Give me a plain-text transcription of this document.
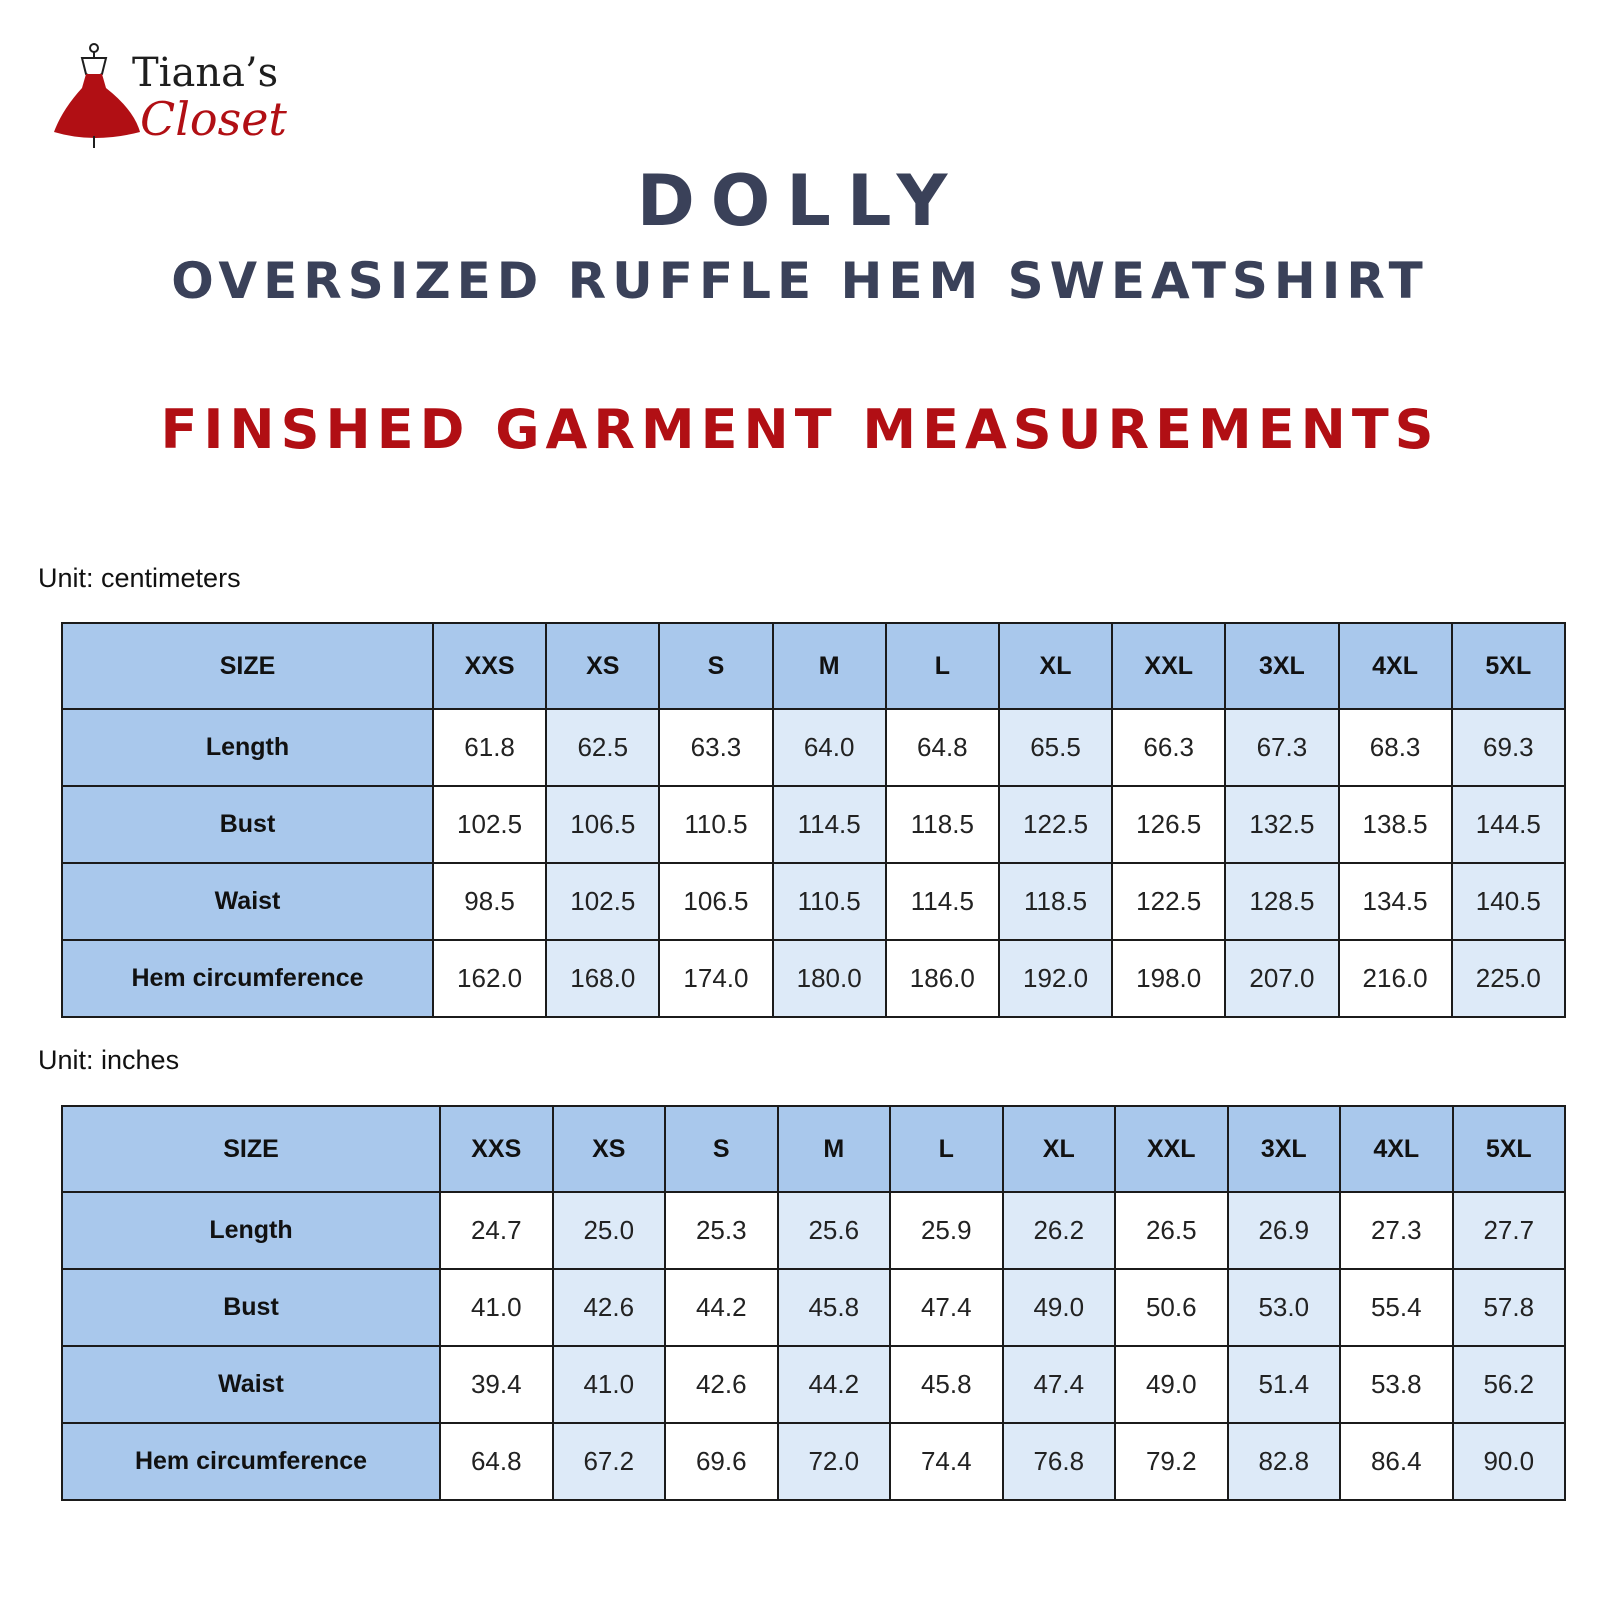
Tiana’s
Closet
DOLLY
OVERSIZED RUFFLE HEM SWEATSHIRT
FINSHED GARMENT MEASUREMENTS
Unit: centimeters
SIZE	XXS	XS	S	M	L	XL	XXL	3XL	4XL	5XL
Length	61.8	62.5	63.3	64.0	64.8	65.5	66.3	67.3	68.3	69.3
Bust	102.5	106.5	110.5	114.5	118.5	122.5	126.5	132.5	138.5	144.5
Waist	98.5	102.5	106.5	110.5	114.5	118.5	122.5	128.5	134.5	140.5
Hem circumference	162.0	168.0	174.0	180.0	186.0	192.0	198.0	207.0	216.0	225.0
Unit: inches
SIZE	XXS	XS	S	M	L	XL	XXL	3XL	4XL	5XL
Length	24.7	25.0	25.3	25.6	25.9	26.2	26.5	26.9	27.3	27.7
Bust	41.0	42.6	44.2	45.8	47.4	49.0	50.6	53.0	55.4	57.8
Waist	39.4	41.0	42.6	44.2	45.8	47.4	49.0	51.4	53.8	56.2
Hem circumference	64.8	67.2	69.6	72.0	74.4	76.8	79.2	82.8	86.4	90.0
